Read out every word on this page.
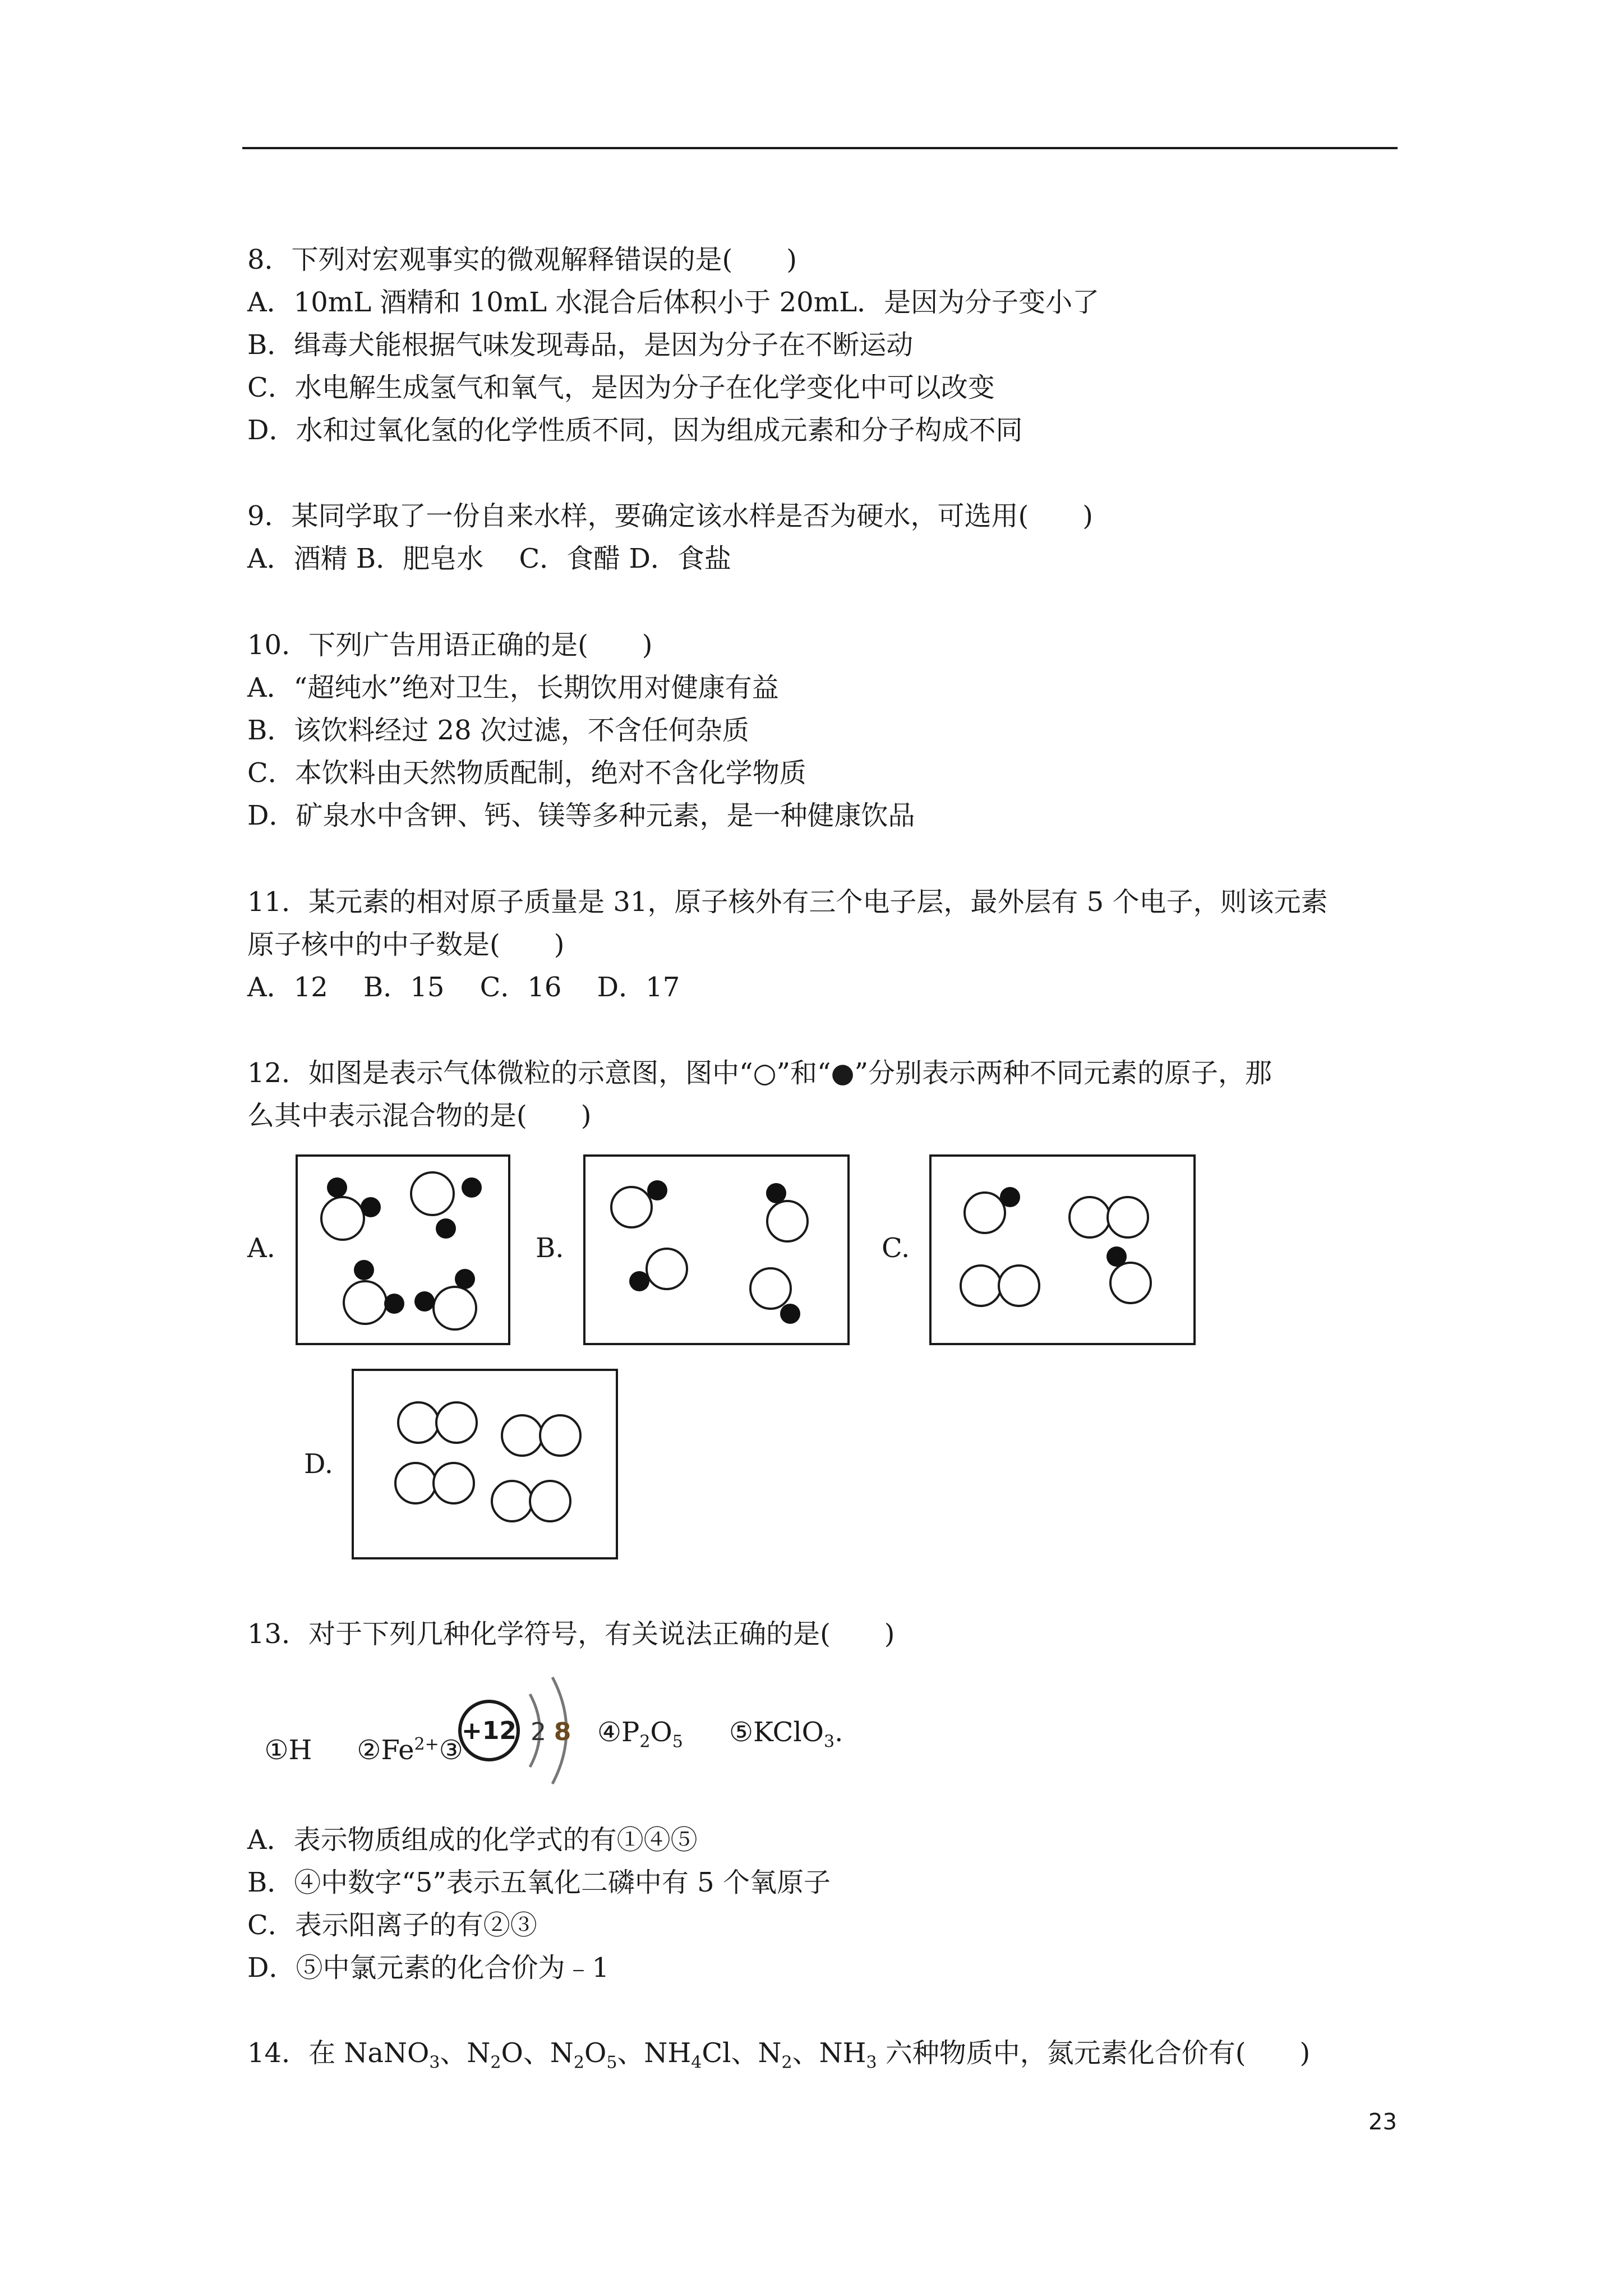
8．下列对宏观事实的微观解释错误的是(　　)
A．10mL 酒精和 10mL 水混合后体积小于 20mL．是因为分子变小了
B．缉毒犬能根据气味发现毒品，是因为分子在不断运动
C．水电解生成氢气和氧气，是因为分子在化学变化中可以改变
D．水和过氧化氢的化学性质不同，因为组成元素和分子构成不同
9．某同学取了一份自来水样，要确定该水样是否为硬水，可选用(　　)
A．酒精 B．肥皂水　 C．食醋 D．食盐
10．下列广告用语正确的是(　　)
A．“超纯水”绝对卫生，长期饮用对健康有益
B．该饮料经过 28 次过滤，不含任何杂质
C．本饮料由天然物质配制，绝对不含化学物质
D．矿泉水中含钾、钙、镁等多种元素，是一种健康饮品
11．某元素的相对原子质量是 31，原子核外有三个电子层，最外层有 5 个电子，则该元素
原子核中的中子数是(　　)
A．12　 B．15　 C．16　 D．17
12．如图是表示气体微粒的示意图，图中“○”和“●”分别表示两种不同元素的原子，那
么其中表示混合物的是(　　)
A.	B.	C.
D.
13．对于下列几种化学符号，有关说法正确的是(　　)

①H $②Fe^{2+}③$

+12 2 8 $④P_2O_5$ ⑤KClO$_3$.
A．表示物质组成的化学式的有①④⑤
B．④中数字“5”表示五氧化二磷中有 5 个氧原子
C．表示阳离子的有②③
D．⑤中氯元素的化合价为﹣1
14．在 NaNO$_3$、$N_2O$、$N_2O_5$、$NH_4Cl$、$N_2$、$NH_3$ 六种物质中，氮元素化合价有(　　)
23
